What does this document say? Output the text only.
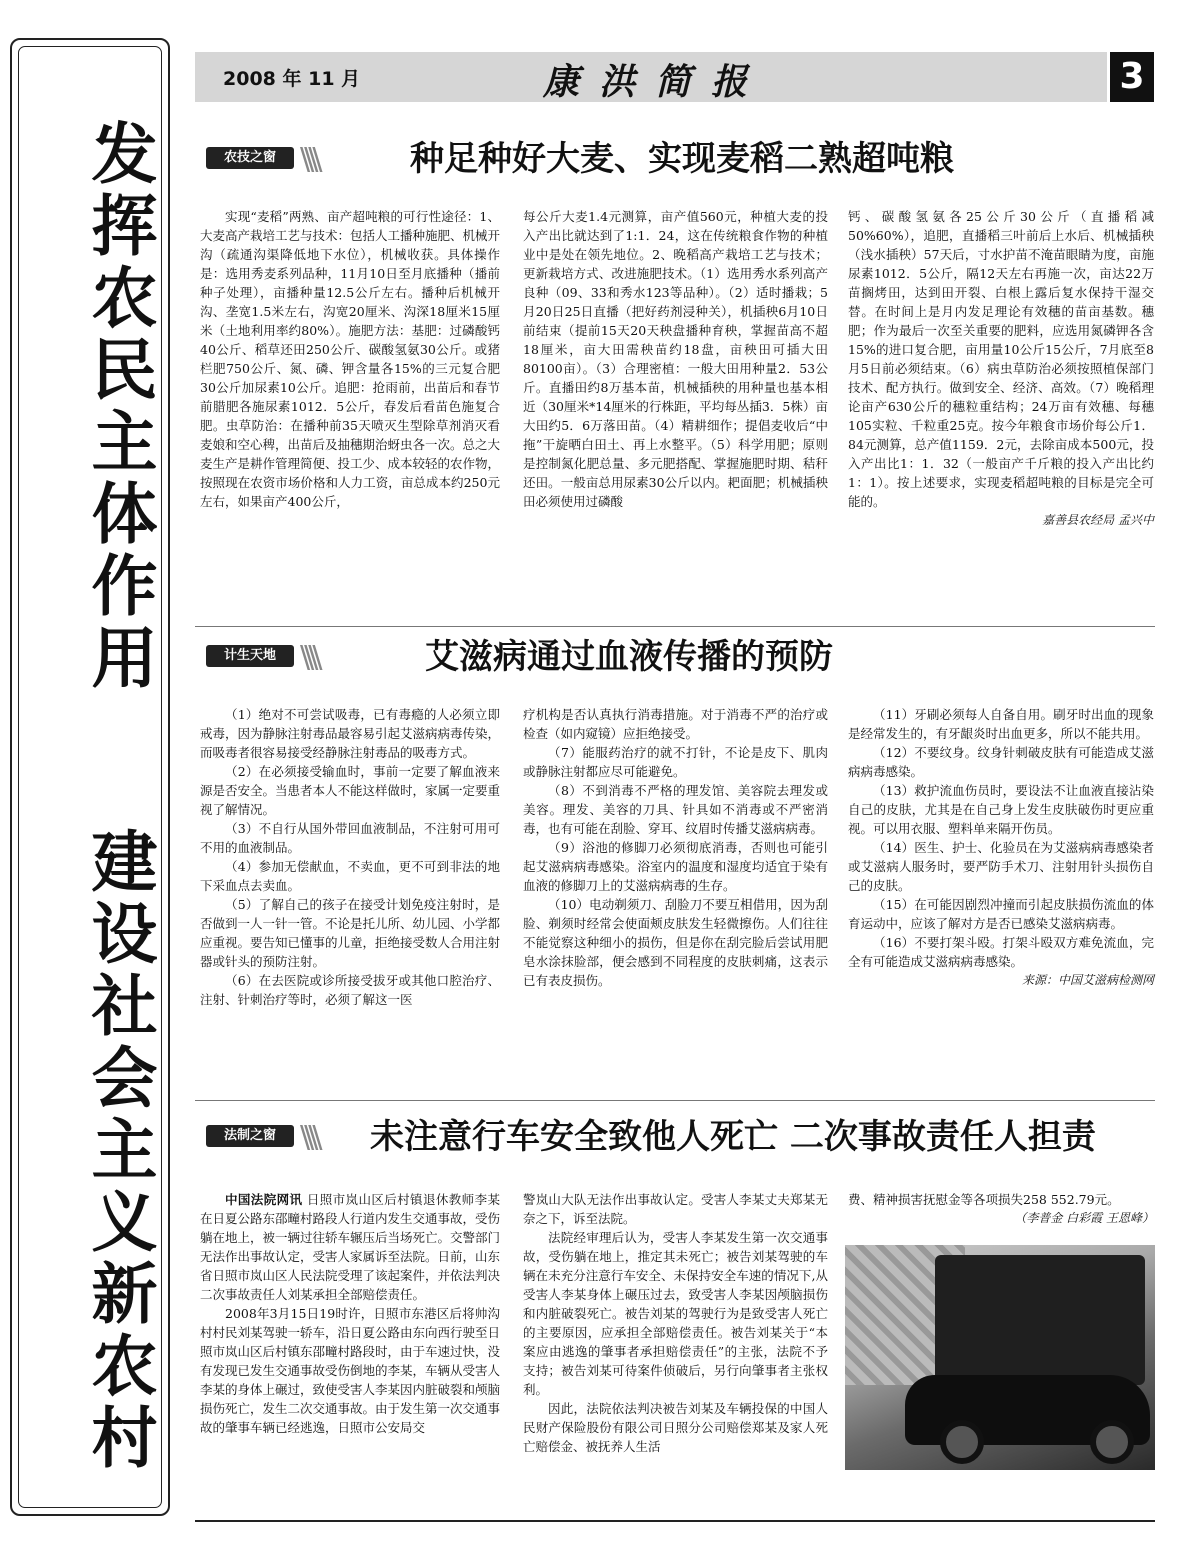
发挥农民主体作用
建设社会主义新农村
2008 年 11 月	康洪简报	3
农技之窗 \\\\	种足种好大麦、实现麦稻二熟超吨粮

实现“麦稻”两熟、亩产超吨粮的可行性途径：1、大麦高产栽培工艺与技术：包括人工播种施肥、机械开沟（疏通沟渠降低地下水位），机械收获。具体操作是：选用秀麦系列品种，11月10日至月底播种（播前种子处理），亩播种量12.5公斤左右。播种后机械开沟、垄宽1.5米左右，沟宽20厘米、沟深18厘米15厘米（土地利用率约80%）。施肥方法：基肥：过磷酸钙40公斤、稻草还田250公斤、碳酸氢氨30公斤。或猪栏肥750公斤、氮、磷、钾含量各15%的三元复合肥30公斤加尿素10公斤。追肥：抢雨前，出苗后和春节前腊肥各施尿素1012．5公斤，春发后看苗色施复合肥。虫草防治：在播种前35天喷灭生型除草剂消灭看麦娘和空心稗，出苗后及抽穗期治蚜虫各一次。总之大麦生产是耕作管理简便、投工少、成本较轻的农作物，按照现在农资市场价格和人力工资，亩总成本约250元左右，如果亩产400公斤，

每公斤大麦1.4元测算，亩产值560元，种植大麦的投入产出比就达到了1:1．24，这在传统粮食作物的种植业中是处在领先地位。2、晚稻高产栽培工艺与技术；更新栽培方式、改进施肥技术。（1）选用秀水系列高产良种（09、33和秀水123等品种）。（2）适时播栽；5月20日25日直播（把好药剂浸种关），机插秧6月10日前结束（提前15天20天秧盘播种育秧，掌握苗高不超18厘米，亩大田需秧苗约18盘，亩秧田可插大田80100亩）。（3）合理密植：一般大田用种量2．53公斤。直播田约8万基本苗，机械插秧的用种量也基本相近（30厘米*14厘米的行株距，平均每丛插3．5株）亩大田约5．6万落田苗。（4）精耕细作；提倡麦收后“中拖”干旋晒白田土、再上水整平。（5）科学用肥；原则是控制氮化肥总量、多元肥搭配、掌握施肥时期、秸秆还田。一般亩总用尿素30公斤以内。耙面肥；机械插秧田必须使用过磷酸

钙、碳酸氢氨各25公斤30公斤（直播稻减50%60%），追肥，直播稻三叶前后上水后、机械插秧（浅水插秧）57天后，寸水护苗不淹苗眼睛为度，亩施尿素1012．5公斤，隔12天左右再施一次，亩达22万苗搁烤田，达到田开裂、白根上露后复水保持干湿交替。在时间上是月内发足理论有效穗的苗亩基数。穗肥；作为最后一次至关重要的肥料，应选用氮磷钾各含15%的进口复合肥，亩用量10公斤15公斤，7月底至8月5日前必须结束。（6）病虫草防治必须按照植保部门技术、配方执行。做到安全、经济、高效。（7）晚稻理论亩产630公斤的穗粒重结构；24万亩有效穗、每穗105实粒、千粒重25克。按今年粮食市场价每公斤1．84元测算，总产值1159．2元，去除亩成本500元，投入产出比1：1．32（一般亩产千斤粮的投入产出比约1：1）。按上述要求，实现麦稻超吨粮的目标是完全可能的。

嘉善县农经局 孟兴中
计生天地 \\\\	艾滋病通过血液传播的预防

（1）绝对不可尝试吸毒，已有毒瘾的人必须立即戒毒，因为静脉注射毒品最容易引起艾滋病病毒传染，而吸毒者很容易接受经静脉注射毒品的吸毒方式。

（2）在必须接受输血时，事前一定要了解血液来源是否安全。当患者本人不能这样做时，家属一定要重视了解情况。

（3）不自行从国外带回血液制品，不注射可用可不用的血液制品。

（4）参加无偿献血，不卖血，更不可到非法的地下采血点去卖血。

（5）了解自己的孩子在接受计划免疫注射时，是否做到一人一针一管。不论是托儿所、幼儿园、小学都应重视。要告知已懂事的儿童，拒绝接受数人合用注射器或针头的预防注射。

（6）在去医院或诊所接受拔牙或其他口腔治疗、注射、针刺治疗等时，必须了解这一医

疗机构是否认真执行消毒措施。对于消毒不严的治疗或检查（如内窥镜）应拒绝接受。

（7）能服药治疗的就不打针，不论是皮下、肌肉或静脉注射都应尽可能避免。

（8）不到消毒不严格的理发馆、美容院去理发或美容。理发、美容的刀具、针具如不消毒或不严密消毒，也有可能在刮脸、穿耳、纹眉时传播艾滋病病毒。

（9）浴池的修脚刀必须彻底消毒，否则也可能引起艾滋病病毒感染。浴室内的温度和湿度均适宜于染有血液的修脚刀上的艾滋病病毒的生存。

（10）电动剃须刀、刮脸刀不要互相借用，因为刮脸、剃须时经常会使面颊皮肤发生轻微擦伤。人们往往不能觉察这种细小的损伤，但是你在刮完脸后尝试用肥皂水涂抹脸部，便会感到不同程度的皮肤刺痛，这表示已有表皮损伤。

（11）牙刷必须每人自备自用。刷牙时出血的现象是经常发生的，有牙龈炎时出血更多，所以不能共用。

（12）不要纹身。纹身针刺破皮肤有可能造成艾滋病病毒感染。

（13）救护流血伤员时，要设法不让血液直接沾染自己的皮肤，尤其是在自己身上发生皮肤破伤时更应重视。可以用衣服、塑料单来隔开伤员。

（14）医生、护士、化验员在为艾滋病病毒感染者或艾滋病人服务时，要严防手术刀、注射用针头损伤自己的皮肤。

（15）在可能因剧烈冲撞而引起皮肤损伤流血的体育运动中，应该了解对方是否已感染艾滋病病毒。

（16）不要打架斗殴。打架斗殴双方难免流血，完全有可能造成艾滋病病毒感染。

来源：中国艾滋病检测网
法制之窗 \\\\ 未注意行车安全致他人死亡 二次事故责任人担责

中国法院网讯 日照市岚山区后村镇退休教师李某在日夏公路东邵疃村路段人行道内发生交通事故，受伤躺在地上，被一辆过往轿车辗压后当场死亡。交警部门无法作出事故认定，受害人家属诉至法院。日前，山东省日照市岚山区人民法院受理了该起案件，并依法判决二次事故责任人刘某承担全部赔偿责任。

2008年3月15日19时许，日照市东港区后将帅沟村村民刘某驾驶一轿车，沿日夏公路由东向西行驶至日照市岚山区后村镇东邵疃村路段时，由于车速过快，没有发现已发生交通事故受伤倒地的李某，车辆从受害人李某的身体上碾过，致使受害人李某因内脏破裂和颅脑损伤死亡，发生二次交通事故。由于发生第一次交通事故的肇事车辆已经逃逸，日照市公安局交

警岚山大队无法作出事故认定。受害人李某丈夫郑某无奈之下，诉至法院。

法院经审理后认为，受害人李某发生第一次交通事故，受伤躺在地上，推定其未死亡；被告刘某驾驶的车辆在未充分注意行车安全、未保持安全车速的情况下,从受害人李某身体上碾压过去，致受害人李某因颅脑损伤和内脏破裂死亡。被告刘某的驾驶行为是致受害人死亡的主要原因，应承担全部赔偿责任。被告刘某关于“本案应由逃逸的肇事者承担赔偿责任”的主张，法院不予支持；被告刘某可待案件侦破后，另行向肇事者主张权利。

因此，法院依法判决被告刘某及车辆投保的中国人民财产保险股份有限公司日照分公司赔偿郑某及家人死亡赔偿金、被抚养人生活

费、精神损害抚慰金等各项损失258 552.79元。

（李普金 白彩霞 王恩峰）
